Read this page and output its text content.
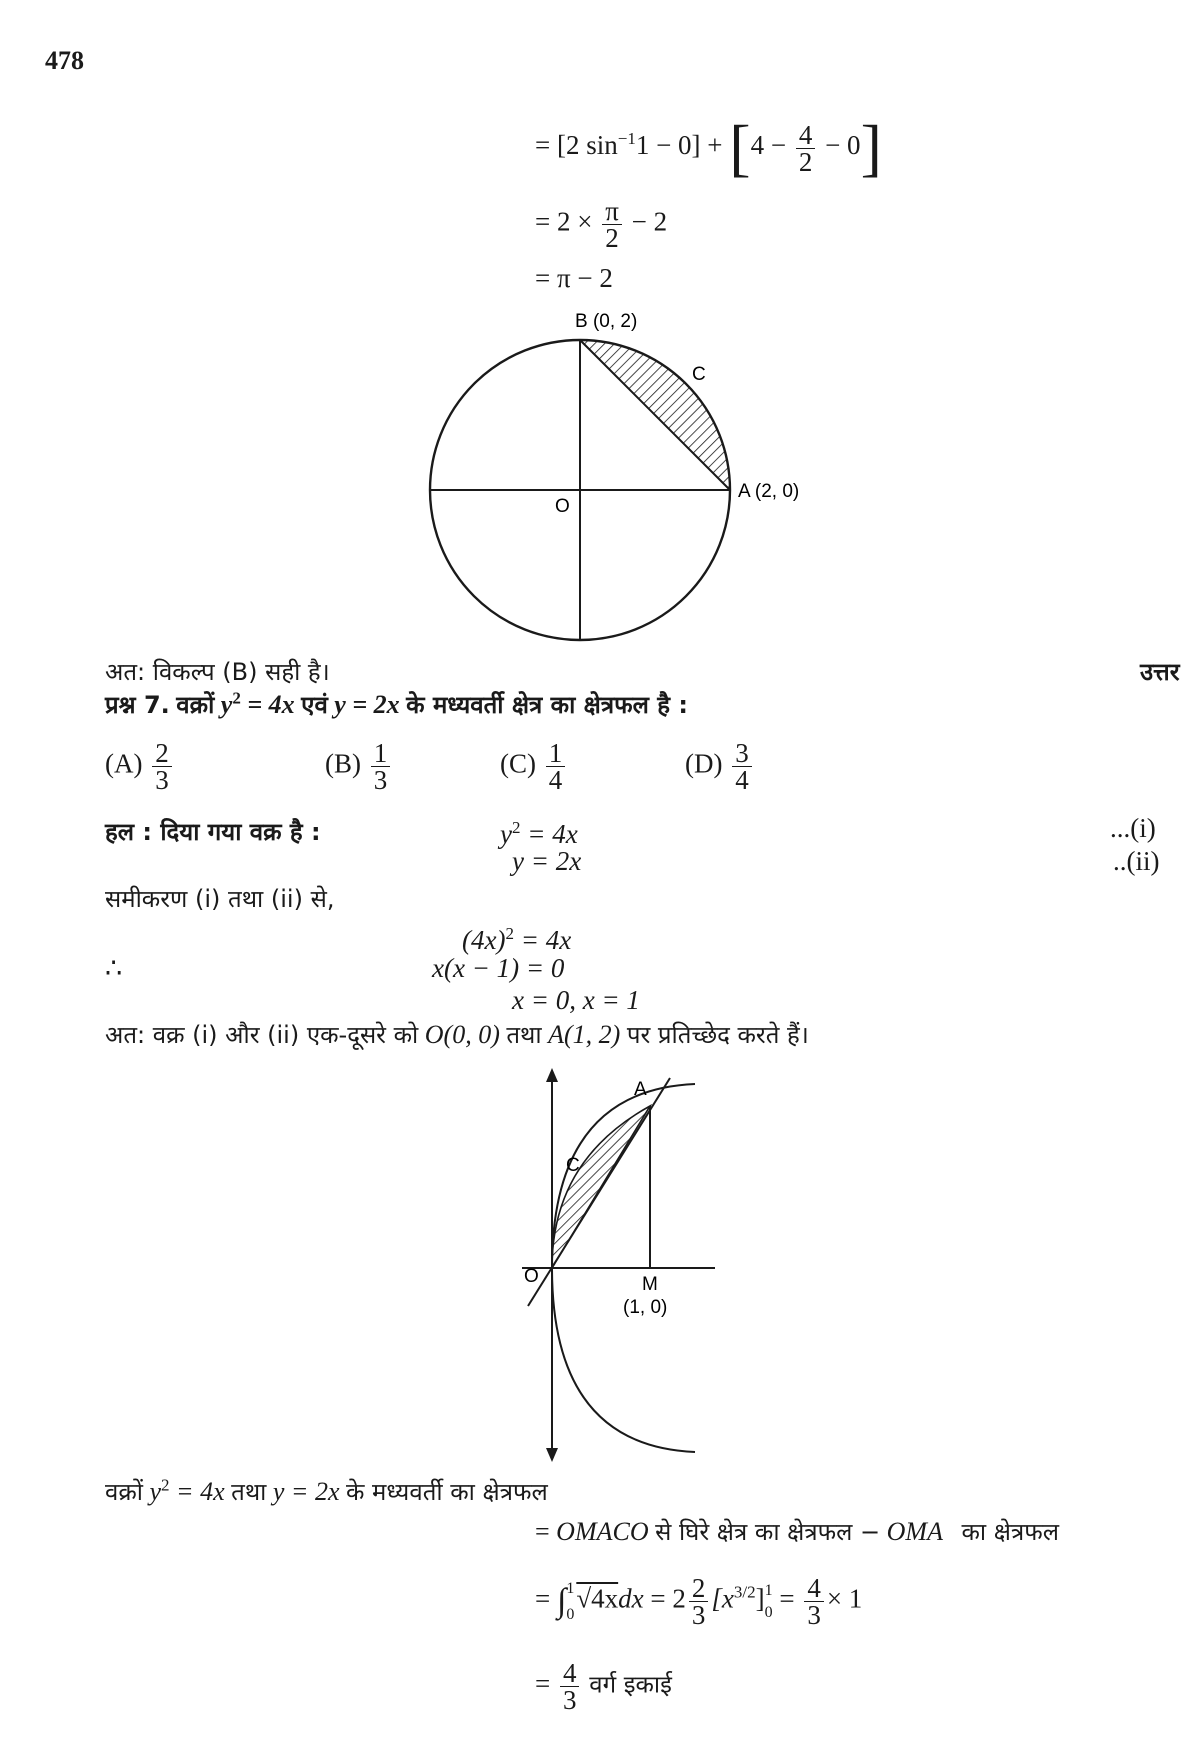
478
= [2 $\sin^{-1}1 - 0] + [4 - \frac{4}{2} - 0]$
= $2 \times \frac{\pi}{2} - 2$
= π − 2
B (0, 2)
C
A (2, 0)
O
अत: विकल्प (B) सही है।	उत्तर
प्रश्न 7. वक्रों $y^2 = 4x$ एवं y = 2x के मध्यवर्ती क्षेत्र का क्षेत्रफल है :
$(A) \frac{2}{3}$	$(B) \frac{1}{3}$	$(C) \frac{1}{4}$	$(D) \frac{3}{4}$
हल : दिया गया वक्र है :	$y^2 = 4x$	...(i)
y = 2x	..(ii)
समीकरण (i) तथा (ii) से,
$(4x)^2 = 4x$
∴	x(x − 1) = 0
x = 0, x = 1
अत: वक्र (i) और (ii) एक-दूसरे को O(0, 0) तथा A(1, 2) पर प्रतिच्छेद करते हैं।
A
C
O	M
(1, 0)
वक्रों $y^2 = 4x$ तथा y = 2x के मध्यवर्ती का क्षेत्रफल
= OMACO से घिरे क्षेत्र का क्षेत्रफल − OMA का क्षेत्रफल
= ∫ 1
0
$√4xdx = 2 \frac{2}{3} [x^{3/2}]$ 1
$0 = \frac{4}{3} \times 1$
= $\frac{4}{3}$ वर्ग इकाई
